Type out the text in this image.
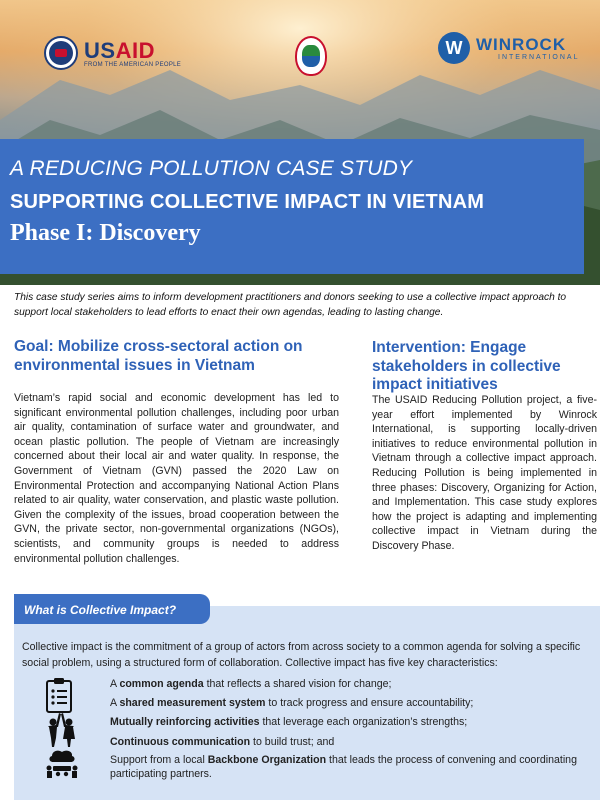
USAID
FROM THE AMERICAN PEOPLE
W WINROCK
INTERNATIONAL
A REDUCING POLLUTION CASE STUDY
SUPPORTING COLLECTIVE IMPACT IN VIETNAM
Phase I: Discovery
This case study series aims to inform development practitioners and donors seeking to use a collective impact approach to support local stakeholders to lead efforts to enact their own agendas, leading to lasting change.
Goal: Mobilize cross-sectoral action on environmental issues in Vietnam
Vietnam’s rapid social and economic development has led to significant environmental pollution challenges, including poor urban air quality, contamination of surface water and groundwater, and ocean plastic pollution. The people of Vietnam are increasingly concerned about their local air and water quality. In response, the Government of Vietnam (GVN) passed the 2020 Law on Environmental Protection and accompanying National Action Plans related to air quality, water conservation, and plastic waste pollution. Given the complexity of the issues, broad cooperation between the GVN, the private sector, non-governmental organizations (NGOs), scientists, and community groups is needed to address environmental pollution challenges.
Intervention: Engage stakeholders in collective impact initiatives
The USAID Reducing Pollution project, a five-year effort implemented by Winrock International, is supporting locally-driven initiatives to reduce environmental pollution in Vietnam through a collective impact approach. Reducing Pollution is being implemented in three phases: Discovery, Organizing for Action, and Implementation. This case study explores how the project is adapting and implementing collective impact in Vietnam during the Discovery Phase.
What is Collective Impact?
Collective impact is the commitment of a group of actors from across society to a common agenda for solving a specific social problem, using a structured form of collaboration. Collective impact has five key characteristics:
A common agenda that reflects a shared vision for change;
A shared measurement system to track progress and ensure accountability;
Mutually reinforcing activities that leverage each organization’s strengths;
Continuous communication to build trust; and
Support from a local Backbone Organization that leads the process of convening and coordinating participating partners.
